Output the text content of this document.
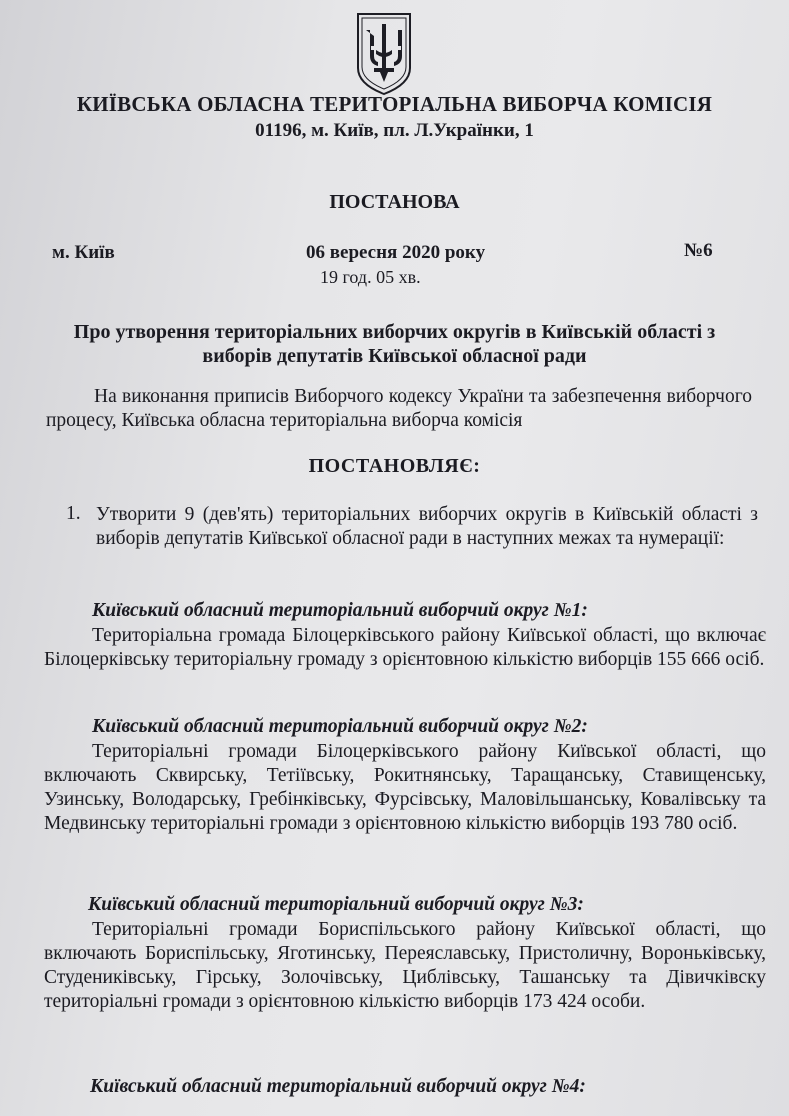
КИЇВСЬКА ОБЛАСНА ТЕРИТОРІАЛЬНА ВИБОРЧА КОМІСІЯ
01196, м. Київ, пл. Л.Українки, 1
ПОСТАНОВА
м. Київ	06 вересня 2020 року	№6
19 год. 05 хв.
Про утворення територіальних виборчих округів в Київській області з
виборів депутатів Київської обласної ради
На виконання приписів Виборчого кодексу України та забезпечення виборчого процесу, Київська обласна територіальна виборча комісія
ПОСТАНОВЛЯЄ:
1. Утворити 9 (дев'ять) територіальних виборчих округів в Київській області з виборів депутатів Київської обласної ради в наступних межах та нумерації:
Київський обласний територіальний виборчий округ №1:
Територіальна громада Білоцерківського району Київської області, що включає Білоцерківську територіальну громаду з орієнтовною кількістю виборців 155 666 осіб.
Київський обласний територіальний виборчий округ №2:
Територіальні громади Білоцерківського району Київської області, що включають Сквирську, Тетіївську, Рокитнянську, Таращанську, Ставищенську, Узинську, Володарську, Гребінківську, Фурсівську, Маловільшанську, Ковалівську та Медвинську територіальні громади з орієнтовною кількістю виборців 193 780 осіб.
Київський обласний територіальний виборчий округ №3:
Територіальні громади Бориспільського району Київської області, що включають Бориспільську, Яготинську, Переяславську, Пристоличну, Вороньківську, Студениківську, Гірську, Золочівську, Циблівську, Ташанську та Дівичківску територіальні громади з орієнтовною кількістю виборців 173 424 особи.
Київський обласний територіальний виборчий округ №4:
